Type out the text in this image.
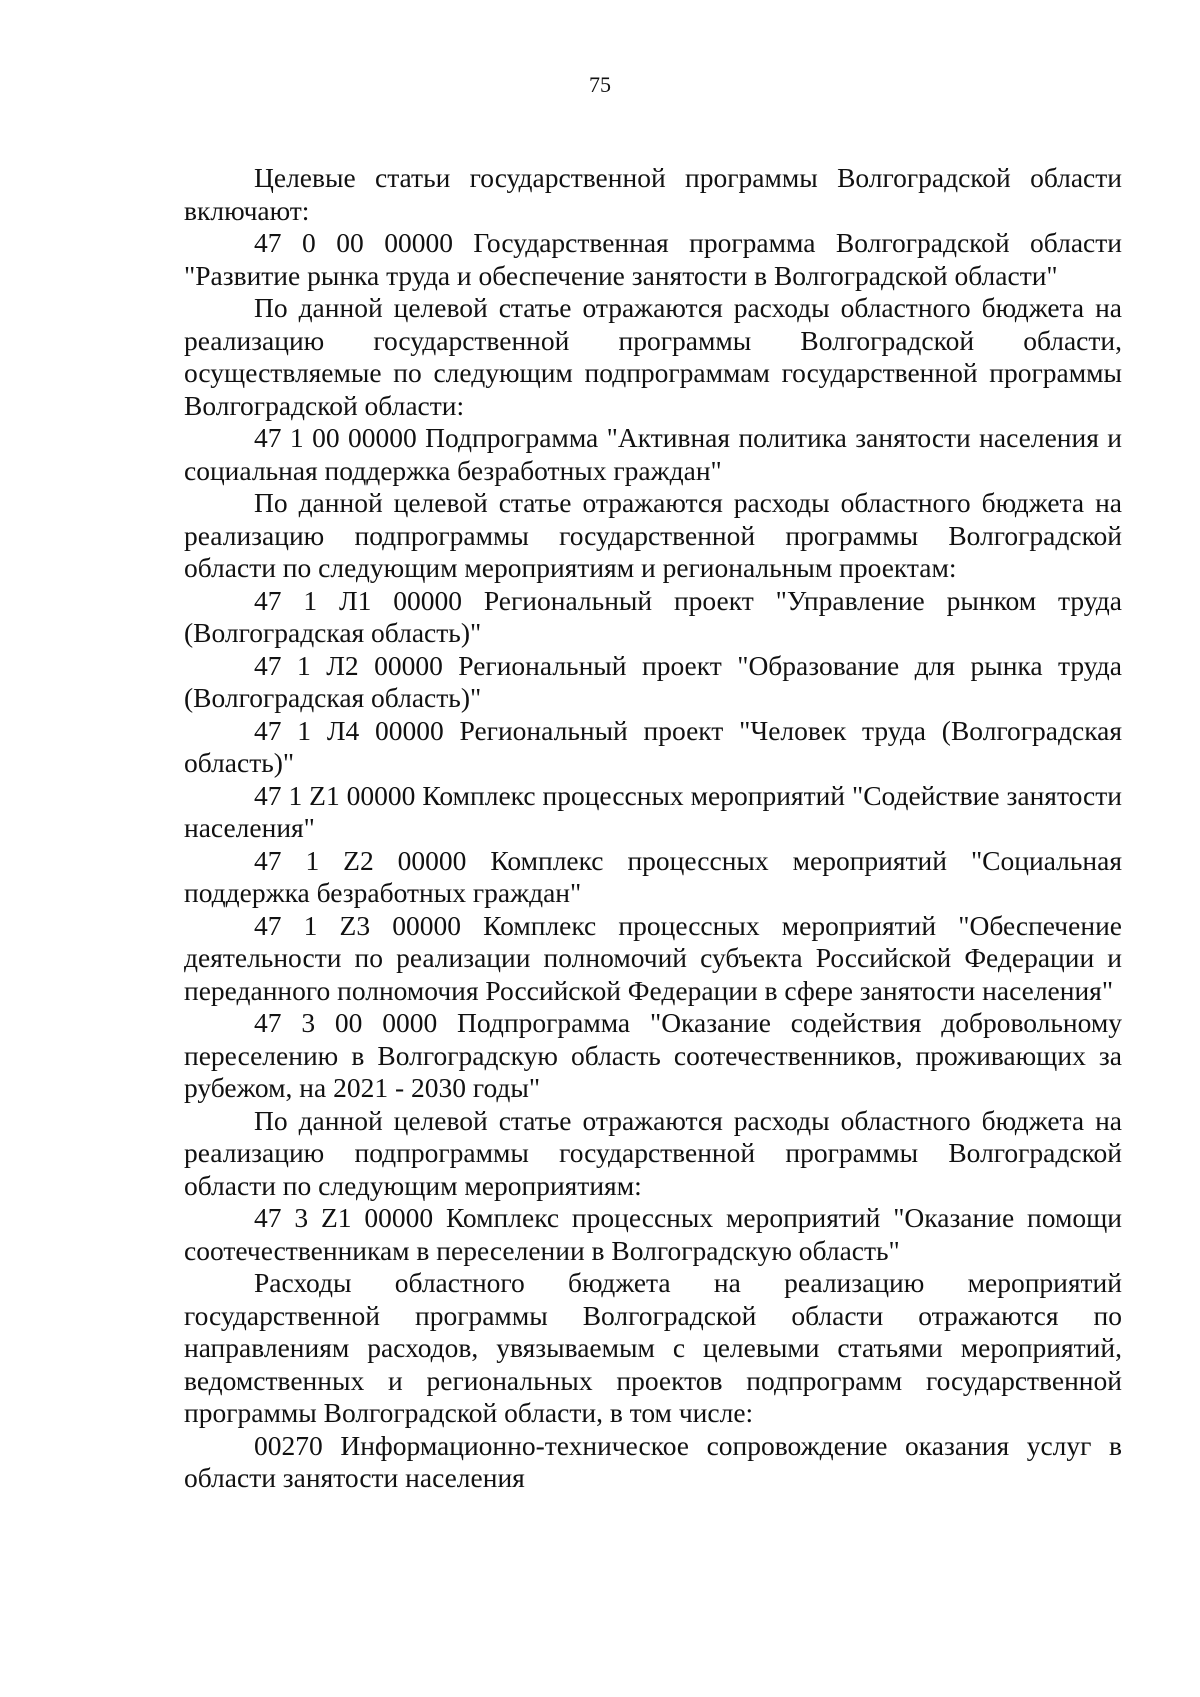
75

Целевые статьи государственной программы Волгоградской области включают:

47 0 00 00000 Государственная программа Волгоградской области "Развитие рынка труда и обеспечение занятости в Волгоградской области"

По данной целевой статье отражаются расходы областного бюджета на реализацию государственной программы Волгоградской области, осуществляемые по следующим подпрограммам государственной программы Волгоградской области:

47 1 00 00000 Подпрограмма "Активная политика занятости населения и социальная поддержка безработных граждан"

По данной целевой статье отражаются расходы областного бюджета на реализацию подпрограммы государственной программы Волгоградской области по следующим мероприятиям и региональным проектам:

47 1 Л1 00000 Региональный проект "Управление рынком труда (Волгоградская область)"

47 1 Л2 00000 Региональный проект "Образование для рынка труда (Волгоградская область)"

47 1 Л4 00000 Региональный проект "Человек труда (Волгоградская область)"

47 1 Z1 00000 Комплекс процессных мероприятий "Содействие занятости населения"

47 1 Z2 00000 Комплекс процессных мероприятий "Социальная поддержка безработных граждан"

47 1 Z3 00000 Комплекс процессных мероприятий "Обеспечение деятельности по реализации полномочий субъекта Российской Федерации и переданного полномочия Российской Федерации в сфере занятости населения"

47 3 00 0000 Подпрограмма "Оказание содействия добровольному переселению в Волгоградскую область соотечественников, проживающих за рубежом, на 2021 - 2030 годы"

По данной целевой статье отражаются расходы областного бюджета на реализацию подпрограммы государственной программы Волгоградской области по следующим мероприятиям:

47 3 Z1 00000 Комплекс процессных мероприятий "Оказание помощи соотечественникам в переселении в Волгоградскую область"

Расходы областного бюджета на реализацию мероприятий государственной программы Волгоградской области отражаются по направлениям расходов, увязываемым с целевыми статьями мероприятий, ведомственных и региональных проектов подпрограмм государственной программы Волгоградской области, в том числе:

00270 Информационно-техническое сопровождение оказания услуг в области занятости населения
